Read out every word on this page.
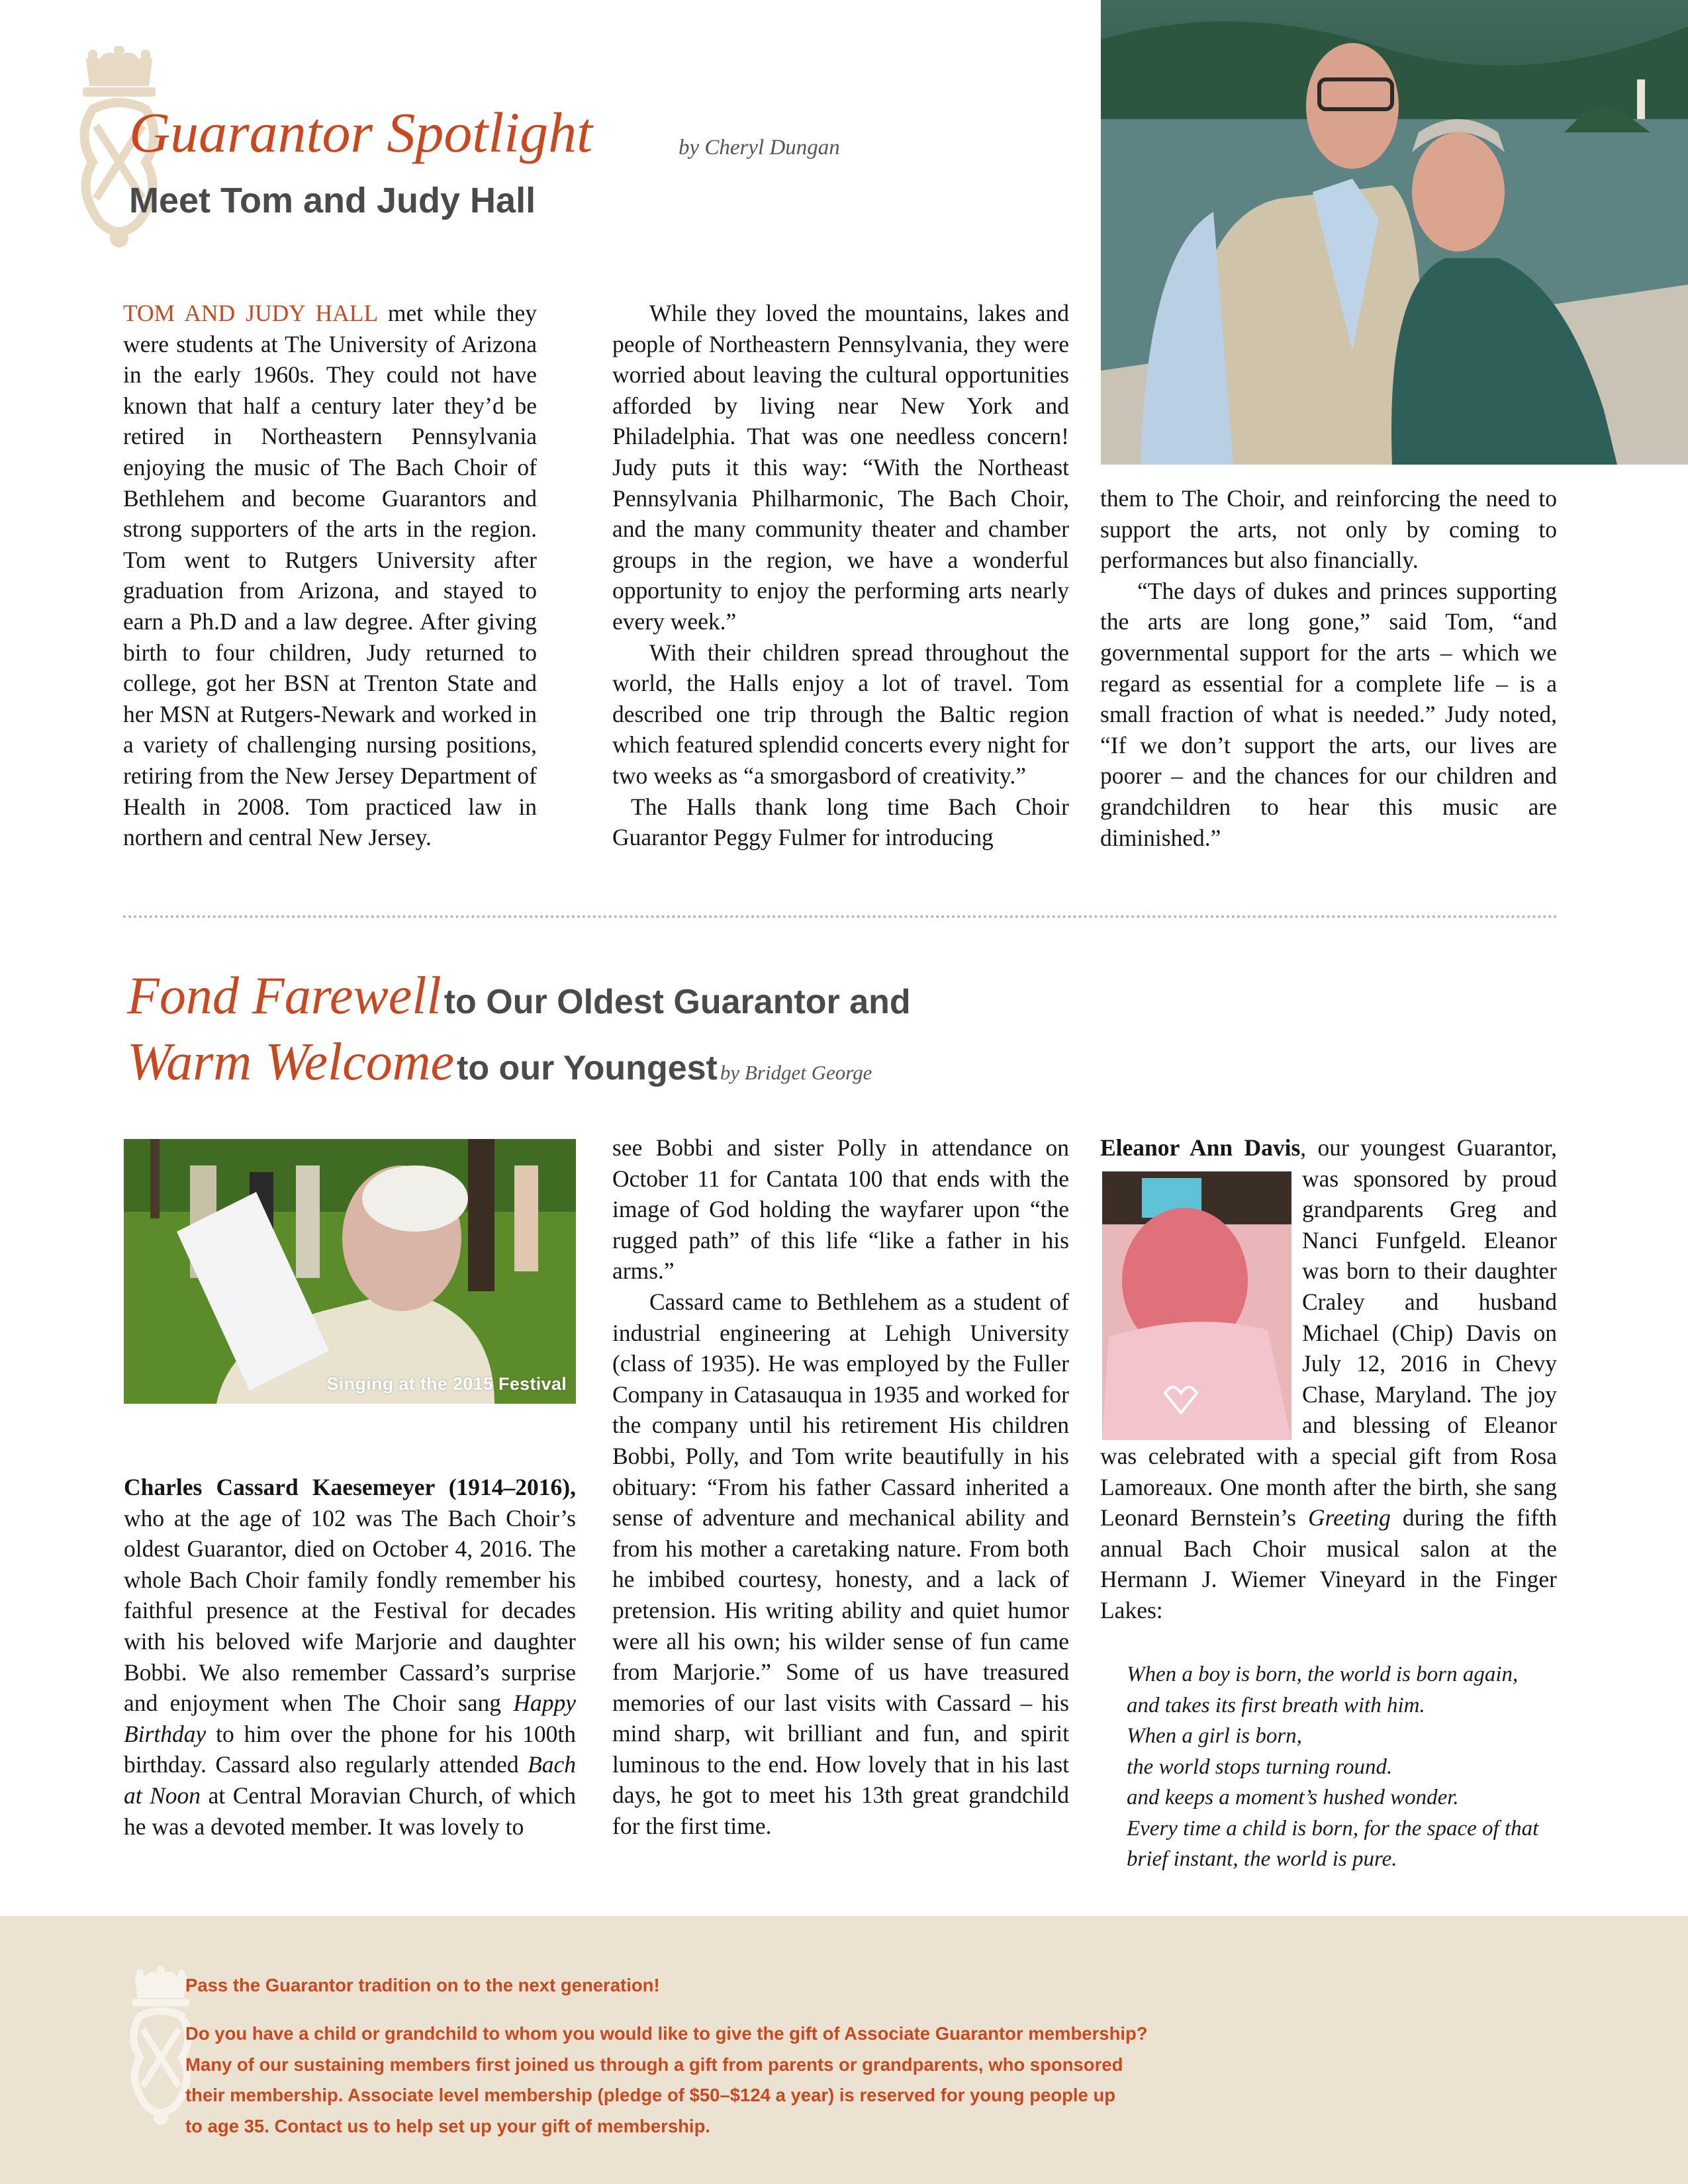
Guarantor Spotlight	by Cheryl Dungan
Meet Tom and Judy Hall

TOM AND JUDY HALL met while they were students at The University of Arizona in the early 1960s. They could not have known that half a century later they’d be retired in Northeastern Pennsylvania enjoying the music of The Bach Choir of Bethlehem and become Guarantors and strong supporters of the arts in the region. Tom went to Rutgers University after graduation from Arizona, and stayed to earn a Ph.D and a law degree. After giving birth to four children, Judy returned to college, got her BSN at Trenton State and her MSN at Rutgers-Newark and worked in a variety of challenging nursing positions, retiring from the New Jersey Department of Health in 2008. Tom practiced law in northern and central New Jersey.

While they loved the mountains, lakes and people of Northeastern Pennsylvania, they were worried about leaving the cultural opportunities afforded by living near New York and Philadelphia. That was one needless concern! Judy puts it this way: “With the Northeast Pennsylvania Philharmonic, The Bach Choir, and the many community theater and chamber groups in the region, we have a wonderful opportunity to enjoy the performing arts nearly every week.”

With their children spread throughout the world, the Halls enjoy a lot of travel. Tom described one trip through the Baltic region which featured splendid concerts every night for two weeks as “a smorgasbord of creativity.”

The Halls thank long time Bach Choir Guarantor Peggy Fulmer for introducing

them to The Choir, and reinforcing the need to support the arts, not only by coming to performances but also financially.

“The days of dukes and princes supporting the arts are long gone,” said Tom, “and governmental support for the arts – which we regard as essential for a complete life – is a small fraction of what is needed.” Judy noted, “If we don’t support the arts, our lives are poorer – and the chances for our children and grandchildren to hear this music are diminished.”

Fond Farewell to Our Oldest Guarantor and
Warm Welcome to our Youngest by Bridget George
Singing at the 2015 Festival

Charles Cassard Kaesemeyer (1914–2016), who at the age of 102 was The Bach Choir’s oldest Guarantor, died on October 4, 2016. The whole Bach Choir family fondly remember his faithful presence at the Festival for decades with his beloved wife Marjorie and daughter Bobbi. We also remember Cassard’s surprise and enjoyment when The Choir sang Happy Birthday to him over the phone for his 100th birthday. Cassard also regularly attended Bach at Noon at Central Moravian Church, of which he was a devoted member. It was lovely to

see Bobbi and sister Polly in attendance on October 11 for Cantata 100 that ends with the image of God holding the wayfarer upon “the rugged path” of this life “like a father in his arms.”

Cassard came to Bethlehem as a student of industrial engineering at Lehigh University (class of 1935). He was employed by the Fuller Company in Catasauqua in 1935 and worked for the company until his retirement His children Bobbi, Polly, and Tom write beautifully in his obituary: “From his father Cassard inherited a sense of adventure and mechanical ability and from his mother a caretaking nature. From both he imbibed courtesy, honesty, and a lack of pretension. His writing ability and quiet humor were all his own; his wilder sense of fun came from Marjorie.” Some of us have treasured memories of our last visits with Cassard – his mind sharp, wit brilliant and fun, and spirit luminous to the end. How lovely that in his last days, he got to meet his 13th great grandchild for the first time.

Eleanor Ann Davis
, our youngest Guarantor, was sponsored by proud grandparents Greg and Nanci Funfgeld. Eleanor was born to their daughter Craley and husband Michael (Chip) Davis on July 12, 2016 in Chevy Chase, Maryland. The joy and blessing of Eleanor was celebrated with a special gift from Rosa Lamoreaux. One month after the birth, she sang Leonard Bernstein’s Greeting during the fifth annual Bach Choir musical salon at the Hermann J. Wiemer Vineyard in the Finger Lakes:

When a boy is born, the world is born again,
and takes its first breath with him.
When a girl is born,
the world stops turning round.
and keeps a moment’s hushed wonder.
Every time a child is born, for the space of that
brief instant, the world is pure.
Pass the Guarantor tradition on to the next generation!
Do you have a child or grandchild to whom you would like to give the gift of Associate Guarantor membership?
Many of our sustaining members first joined us through a gift from parents or grandparents, who sponsored
their membership. Associate level membership (pledge of $50–$124 a year) is reserved for young people up
to age 35. Contact us to help set up your gift of membership.
